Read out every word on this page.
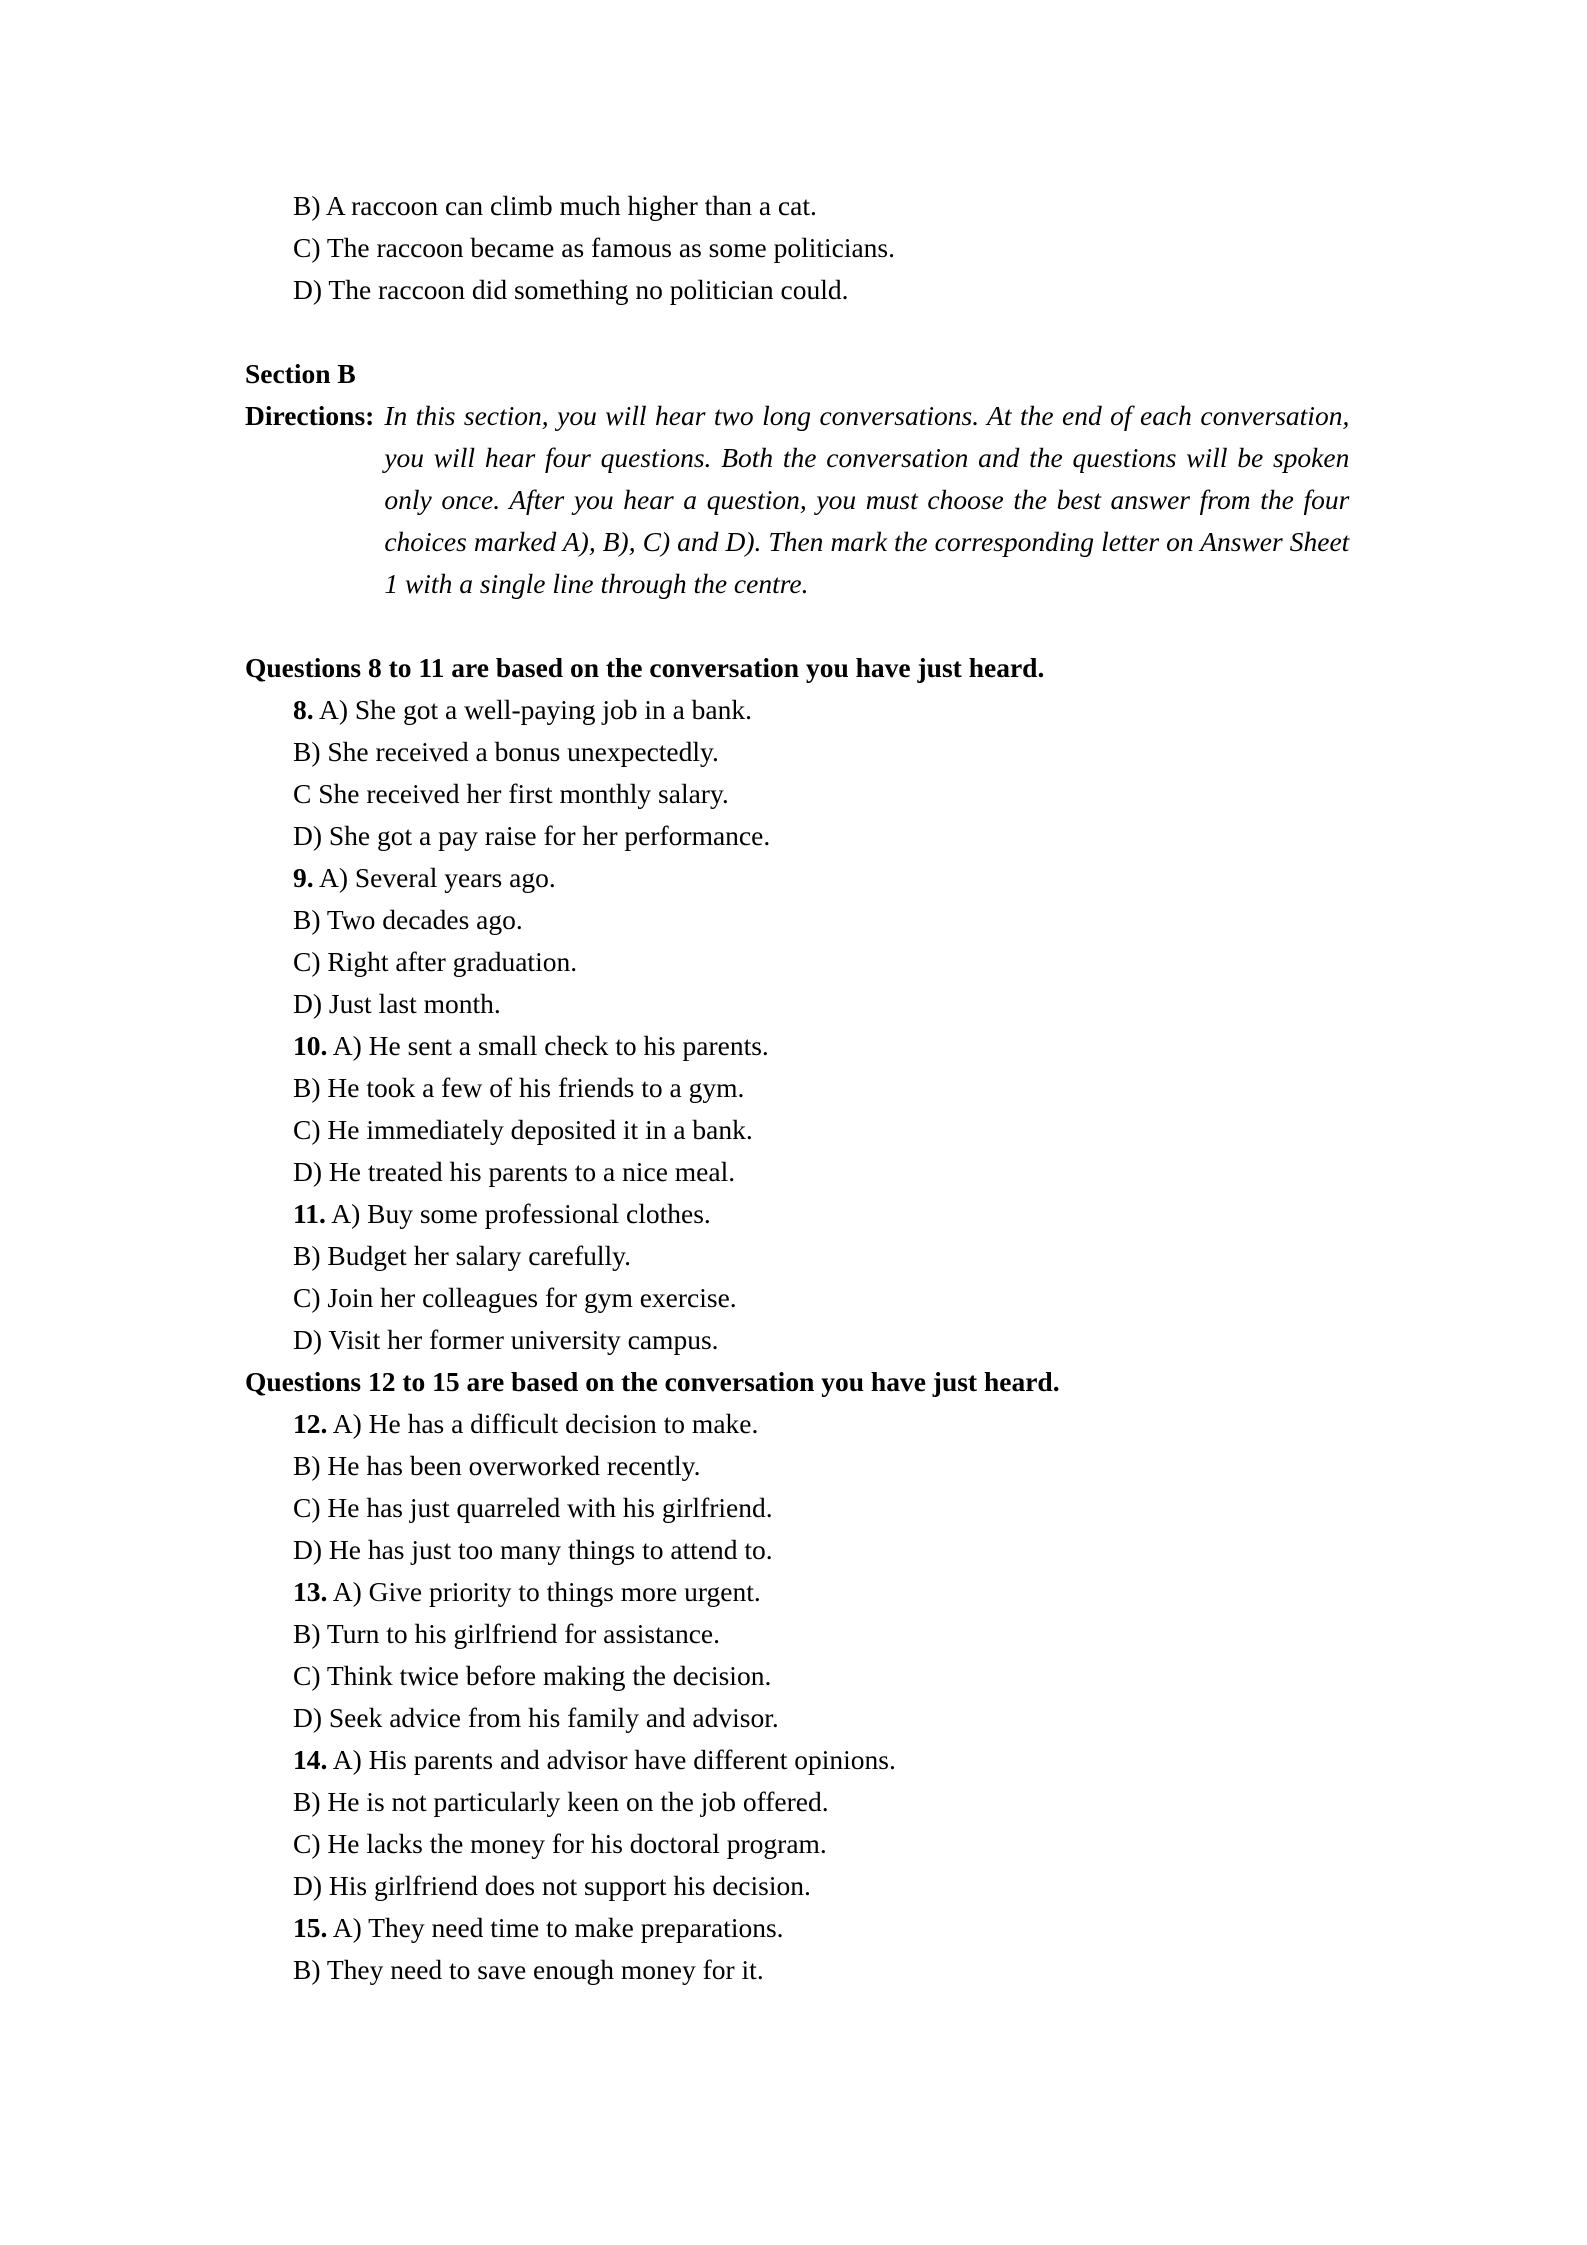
B) A raccoon can climb much higher than a cat.
C) The raccoon became as famous as some politicians.
D) The raccoon did something no politician could.
Section B
Directions: In this section, you will hear two long conversations. At the end of each conversation, you will hear four questions. Both the conversation and the questions will be spoken only once. After you hear a question, you must choose the best answer from the four choices marked A), B), C) and D). Then mark the corresponding letter on Answer Sheet 1 with a single line through the centre.
Questions 8 to 11 are based on the conversation you have just heard.
8. A) She got a well-paying job in a bank.
B) She received a bonus unexpectedly.
C She received her first monthly salary.
D) She got a pay raise for her performance.
9. A) Several years ago.
B) Two decades ago.
C) Right after graduation.
D) Just last month.
10. A) He sent a small check to his parents.
B) He took a few of his friends to a gym.
C) He immediately deposited it in a bank.
D) He treated his parents to a nice meal.
11. A) Buy some professional clothes.
B) Budget her salary carefully.
C) Join her colleagues for gym exercise.
D) Visit her former university campus.
Questions 12 to 15 are based on the conversation you have just heard.
12. A) He has a difficult decision to make.
B) He has been overworked recently.
C) He has just quarreled with his girlfriend.
D) He has just too many things to attend to.
13. A) Give priority to things more urgent.
B) Turn to his girlfriend for assistance.
C) Think twice before making the decision.
D) Seek advice from his family and advisor.
14. A) His parents and advisor have different opinions.
B) He is not particularly keen on the job offered.
C) He lacks the money for his doctoral program.
D) His girlfriend does not support his decision.
15. A) They need time to make preparations.
B) They need to save enough money for it.
